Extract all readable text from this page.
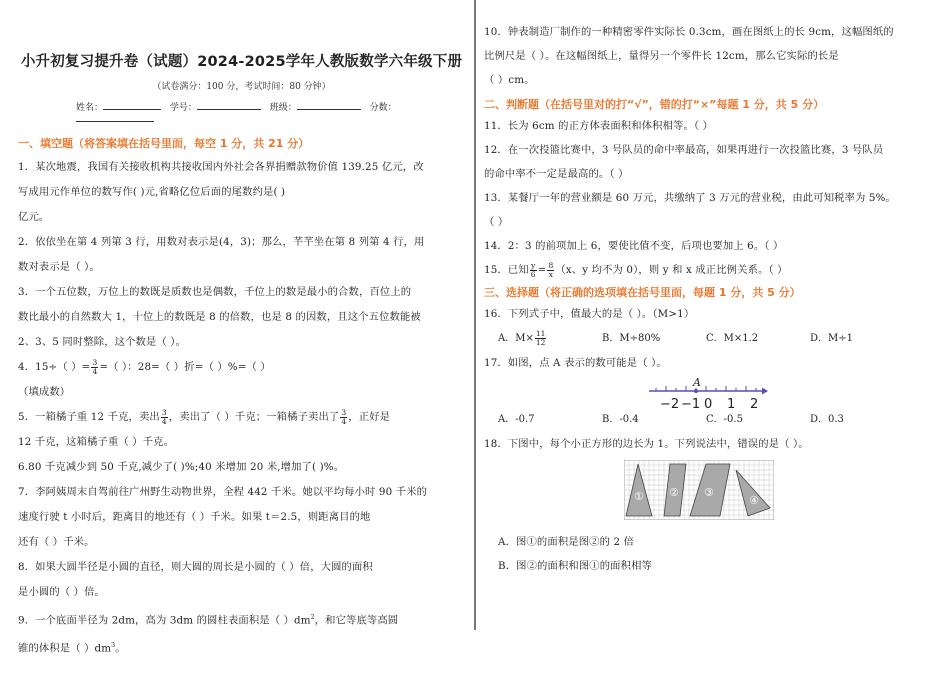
小升初复习提升卷（试题）2024-2025学年人教版数学六年级下册
（试卷满分：100 分，考试时间：80 分钟）
姓名：	学号：	班级：	分数：
一、填空题（将答案填在括号里面，每空 1 分，共 21 分）
1．某次地震，我国有关接收机构共接收国内外社会各界捐赠款物价值 139.25 亿元，改
写成用元作单位的数写作( )元,省略亿位后面的尾数约是( )
亿元。
2．依依坐在第 4 列第 3 行，用数对表示是(4，3)；那么，芊芊坐在第 8 列第 4 行，用
数对表示是（ ）。
3．一个五位数，万位上的数既是质数也是偶数，千位上的数是最小的合数，百位上的
数比最小的自然数大 1，十位上的数既是 8 的倍数，也是 8 的因数，且这个五位数能被
2、3、5 同时整除，这个数是（ ）。
4．15÷（ ）= $\frac{3}{4}$ =（ ）：28=（ ）折=（ ）%=（ ）
（填成数）
5．一箱橘子重 12 千克，卖出 $\frac{3}{4}$ ，卖出了（ ）千克；一箱橘子卖出了 $\frac{3}{4}$ ，正好是
12 千克，这箱橘子重（ ）千克。
6.80 千克减少到 50 千克,减少了( )%;40 米增加 20 米,增加了( )%。
7．李阿姨周末自驾前往广州野生动物世界，全程 442 千米。她以平均每小时 90 千米的
速度行驶 t 小时后，距离目的地还有（ ）千米。如果 t＝2.5，则距离目的地
还有（ ）千米。
8．如果大圆半径是小圆的直径，则大圆的周长是小圆的（ ）倍，大圆的面积
是小圆的（ ）倍。
9．一个底面半径为 2dm，高为 3dm 的圆柱表面积是（ ）$dm^2$，和它等底等高圆
锥的体积是（ ）$dm^3$。
10．钟表制造厂制作的一种精密零件实际长 0.3cm，画在图纸上的长 9cm，这幅图纸的
比例尺是（ ）。在这幅图纸上，量得另一个零件长 12cm，那么它实际的长是
（ ）cm。
二、判断题（在括号里对的打“√”，错的打“×”每题 1 分，共 5 分）
11．长为 6cm 的正方体表面积和体积相等。（ ）
12．在一次投篮比赛中，3 号队员的命中率最高，如果再进行一次投篮比赛，3 号队员
的命中率不一定是最高的。（ ）
13．某餐厅一年的营业额是 60 万元，共缴纳了 3 万元的营业税，由此可知税率为 5%。
（ ）
14．2：3 的前项加上 6，要使比值不变，后项也要加上 6。（ ）
15．已知 $\frac{y}{6} = \frac{8}{x} (x$、y 均不为 0），则 y 和 x 成正比例关系。（ ）
三、选择题（将正确的选项填在括号里面，每题 1 分，共 5 分）
16．下列式子中，值最大的是（ ）。（M>1）
A．$M\times \frac{11}{12}$	B．M÷80%	C．M×1.2	D．M÷1
17．如图，点 A 表示的数可能是（ ）。
A
−2 −1 0 1 2
A．-0.7	B．-0.4	C．-0.5	D．0.3
18．下图中，每个小正方形的边长为 1。下列说法中，错误的是（ ）。
① ② ③
④
A．图①的面积是图②的 2 倍
B．图②的面积和图①的面积相等
